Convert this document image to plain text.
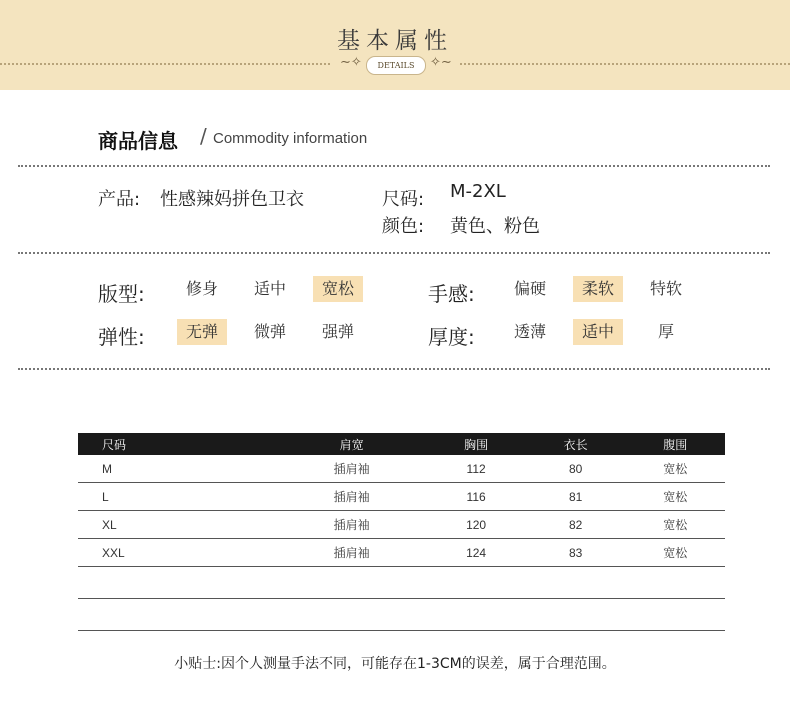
基本属性
∼✧	DETAILS	✧∼
商品信息 / Commodity information
产品: 性感辣妈拼色卫衣	尺码: M-2XL
颜色: 黄色、粉色
版型:	修身	适中	宽松	手感:	偏硬	柔软	特软
弹性:	无弹	微弹	强弹	厚度:	透薄	适中	厚
尺码	肩宽	胸围	衣长	腹围
M	插肩袖	112	80	宽松
L	插肩袖	116	81	宽松
XL	插肩袖	120	82	宽松
XXL	插肩袖	124	83	宽松

小贴士:因个人测量手法不同，可能存在1-3CM的误差，属于合理范围。
